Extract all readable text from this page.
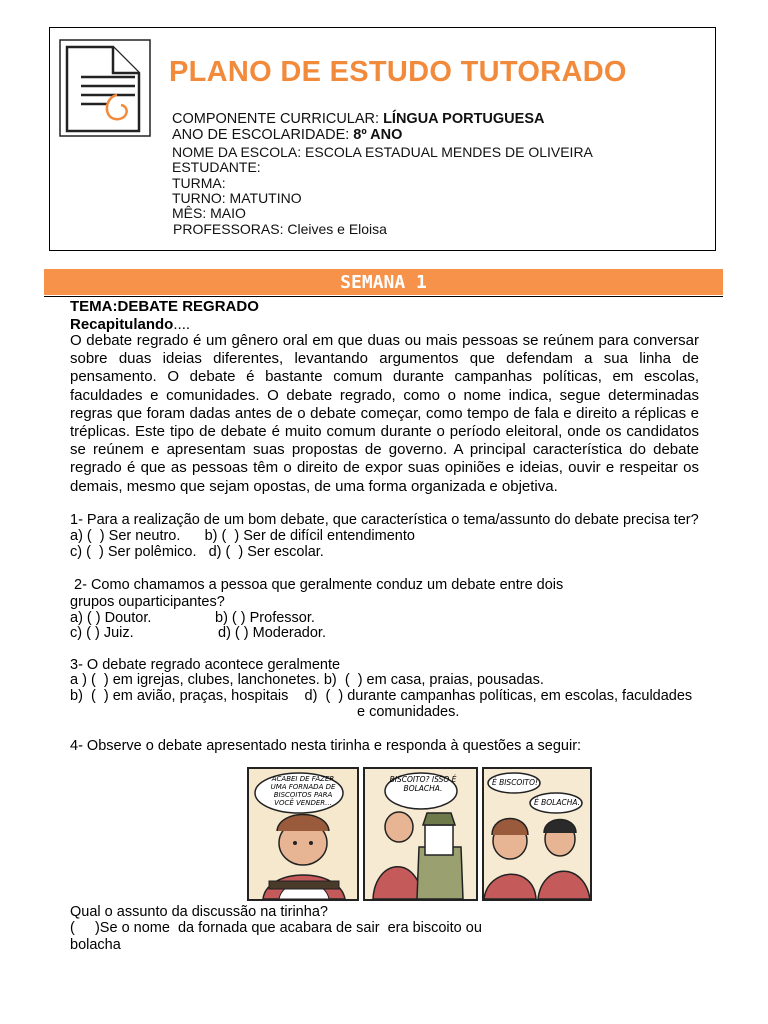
PLANO DE ESTUDO TUTORADO
COMPONENTE CURRICULAR: LÍNGUA PORTUGUESA
ANO DE ESCOLARIDADE: 8º ANO
NOME DA ESCOLA: ESCOLA ESTADUAL MENDES DE OLIVEIRA
ESTUDANTE:
TURMA:
TURNO: MATUTINO
MÊS: MAIO
PROFESSORAS: Cleives e Eloisa
SEMANA 1
TEMA:DEBATE REGRADO
Recapitulando....
O debate regrado é um gênero oral em que duas ou mais pessoas se reúnem para conversar sobre duas ideias diferentes, levantando argumentos que defendam a sua linha de pensamento. O debate é bastante comum durante campanhas políticas, em escolas, faculdades e comunidades. O debate regrado, como o nome indica, segue determinadas regras que foram dadas antes de o debate começar, como tempo de fala e direito a réplicas e tréplicas. Este tipo de debate é muito comum durante o período eleitoral, onde os candidatos se reúnem e apresentam suas propostas de governo. A principal característica do debate regrado é que as pessoas têm o direito de expor suas opiniões e ideias, ouvir e respeitar os demais, mesmo que sejam opostas, de uma forma organizada e objetiva.
1- Para a realização de um bom debate, que característica o tema/assunto do debate precisa ter?
a) (  ) Ser neutro.      b) (  ) Ser de difícil entendimento
c) (  ) Ser polêmico.   d) (  ) Ser escolar.
2- Como chamamos a pessoa que geralmente conduz um debate entre dois
grupos ouparticipantes?
a) ( ) Doutor.	b) ( ) Professor.
c) ( ) Juiz.	d) ( ) Moderador.
3- O debate regrado acontece geralmente
a ) (  ) em igrejas, clubes, lanchonetes. b)  (  ) em casa, praias, pousadas.
b)  (  ) em avião, praças, hospitais    d)  (  ) durante campanhas políticas, em escolas, faculdades
e comunidades.
4- Observe o debate apresentado nesta tirinha e responda à questões a seguir:
ACABEI DE FAZER UMA FORNADA DE BISCOITOS PARA VOCÊ VENDER...
BISCOITO? ISSO É BOLACHA.
É BISCOITO!
É BOLACHA.
Qual o assunto da discussão na tirinha?
(     )Se o nome  da fornada que acabara de sair  era biscoito ou
bolacha
